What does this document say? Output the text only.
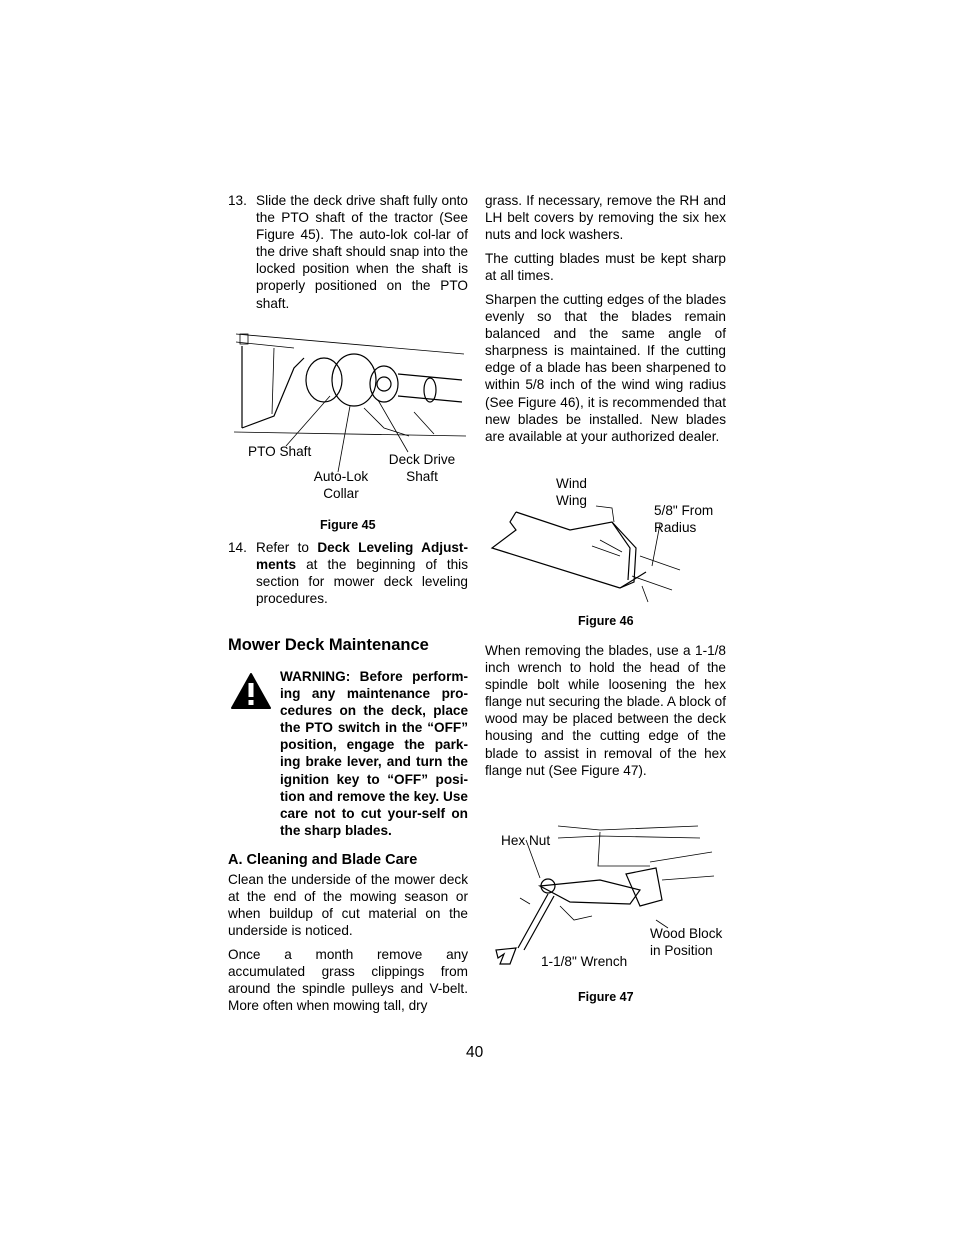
13. Slide the deck drive shaft fully onto the PTO shaft of the tractor (See Figure 45). The auto-lok col-lar of the drive shaft should snap into the locked position when the shaft is properly positioned on the PTO shaft.
PTO Shaft
Auto-Lok
Collar
Deck Drive
Shaft
Figure 45
14. Refer to Deck Leveling Adjust-ments at the beginning of this section for mower deck leveling procedures.
Mower Deck Maintenance
WARNING: Before perform-ing any maintenance pro-cedures on the deck, place the PTO switch in the “OFF” position, engage the park-ing brake lever, and turn the ignition key to “OFF” posi-tion and remove the key. Use care not to cut your-self on the sharp blades.
A. Cleaning and Blade Care

Clean the underside of the mower deck at the end of the mowing season or when buildup of cut material on the underside is noticed.

Once a month remove any accumulated grass clippings from around the spindle pulleys and V-belt. More often when mowing tall, dry

grass. If necessary, remove the RH and LH belt covers by removing the six hex nuts and lock washers.

The cutting blades must be kept sharp at all times.

Sharpen the cutting edges of the blades evenly so that the blades remain balanced and the same angle of sharpness is maintained. If the cutting edge of a blade has been sharpened to within 5/8 inch of the wind wing radius (See Figure 46), it is recommended that new blades be installed. New blades are available at your authorized dealer.

Wind
Wing
5/8" From
Radius
Figure 46

When removing the blades, use a 1-1/8 inch wrench to hold the head of the spindle bolt while loosening the hex flange nut securing the blade. A block of wood may be placed between the deck housing and the cutting edge of the blade to assist in removal of the hex flange nut (See Figure 47).

Hex Nut
1-1/8" Wrench
Wood Block
in Position
Figure 47
40
